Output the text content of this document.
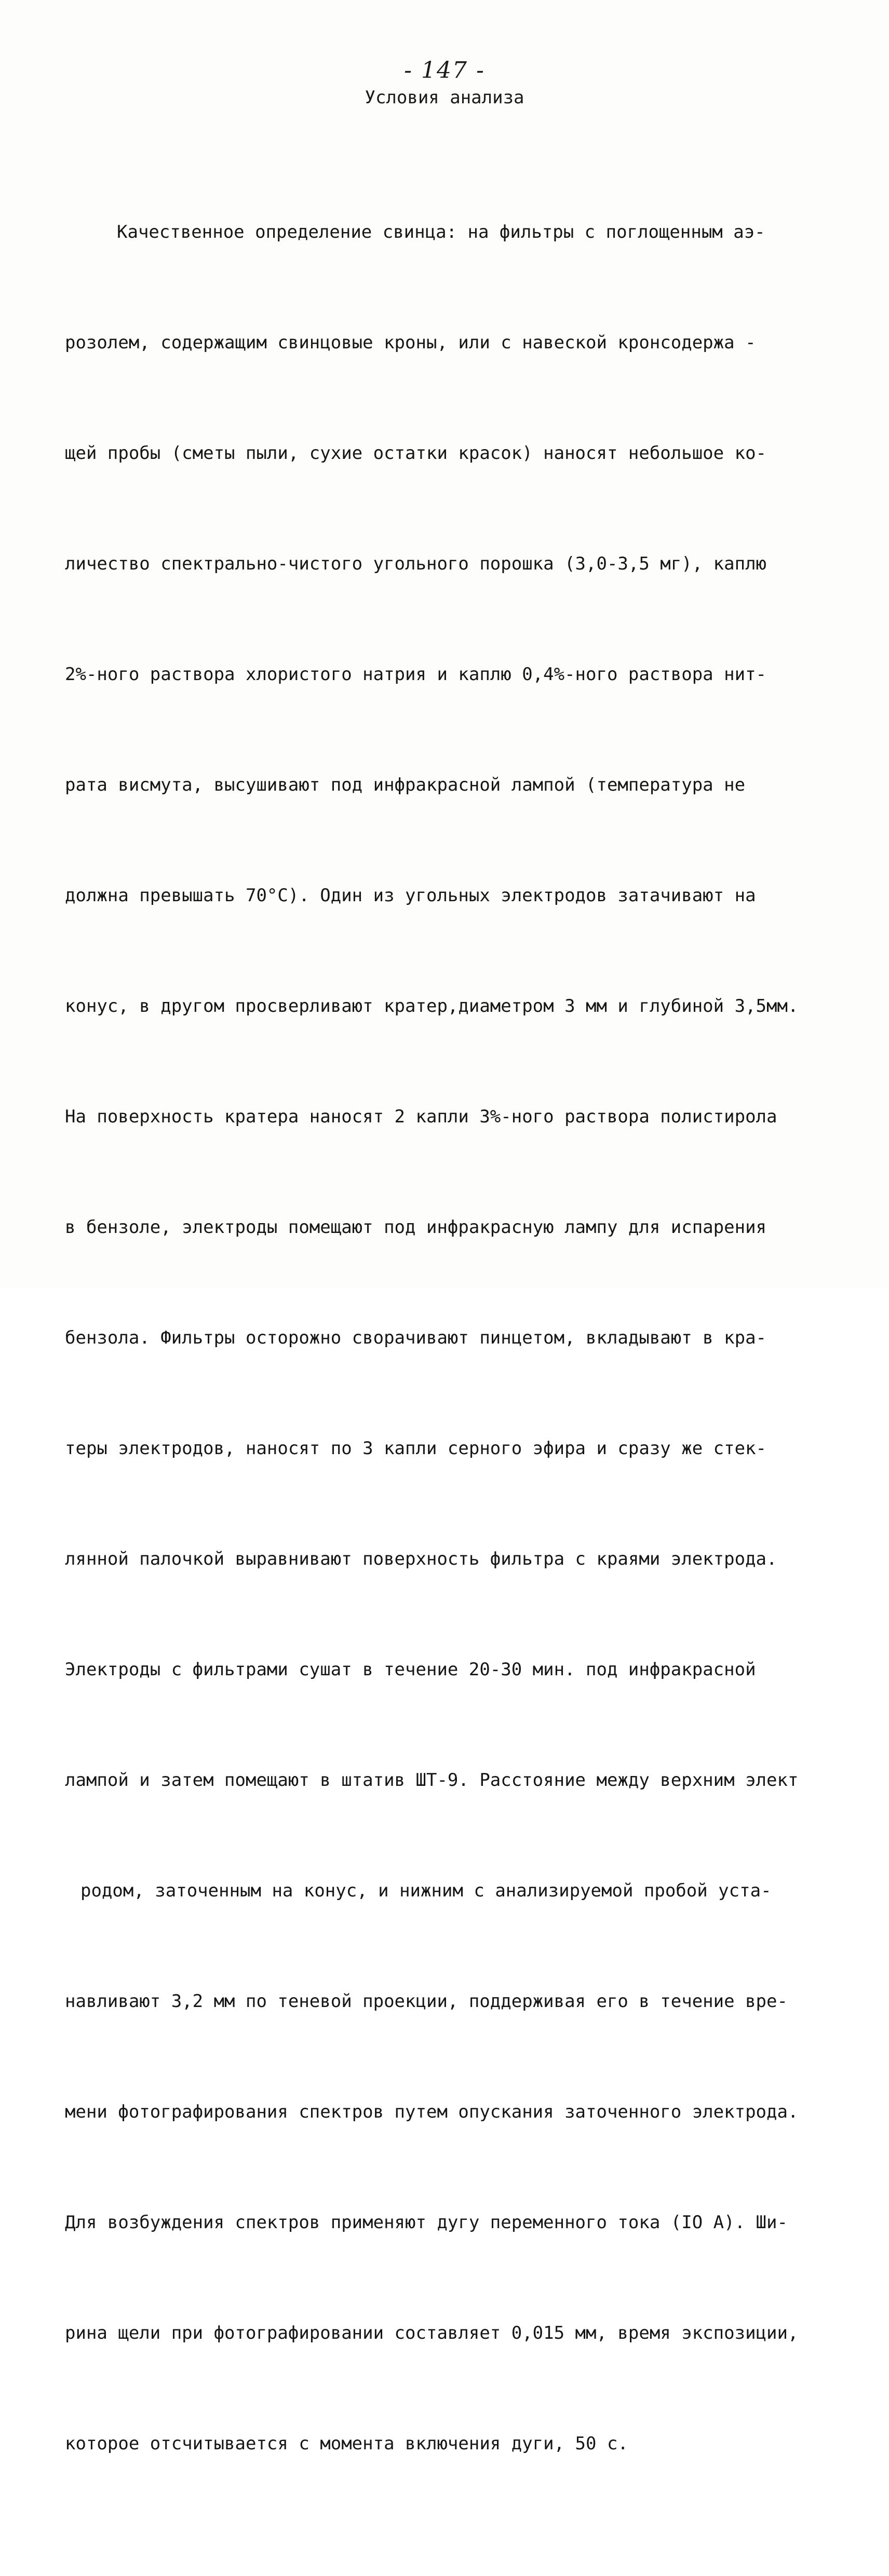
- 147 -
Условия анализа

Качественное определение свинца: на фильтры с поглощенным аэ-

розолем, содержащим свинцовые кроны, или с навеской кронсодержа -

щей пробы (сметы пыли, сухие остатки красок) наносят небольшое ко-

личество спектрально-чистого угольного порошка (3,0-3,5 мг), каплю

2%-ного раствора хлористого натрия и каплю 0,4%-ного раствора нит-

рата висмута, высушивают под инфракрасной лампой (температура не

должна превышать 70°С). Один из угольных электродов затачивают на

конус, в другом просверливают кратер,диаметром 3 мм и глубиной 3,5мм.

На поверхность кратера наносят 2 капли 3%-ного раствора полистирола

в бензоле, электроды помещают под инфракрасную лампу для испарения

бензола. Фильтры осторожно сворачивают пинцетом, вкладывают в кра-

теры электродов, наносят по 3 капли серного эфира и сразу же стек-

лянной палочкой выравнивают поверхность фильтра с краями электрода.

Электроды с фильтрами сушат в течение 20-30 мин. под инфракрасной

лампой и затем помещают в штатив ШТ-9. Расстояние между верхним элект

родом, заточенным на конус, и нижним с анализируемой пробой уста-

навливают 3,2 мм по теневой проекции, поддерживая его в течение вре-

мени фотографирования спектров путем опускания заточенного электрода.

Для возбуждения спектров применяют дугу переменного тока (IO А). Ши-

рина щели при фотографировании составляет 0,015 мм, время экспозиции,

которое отсчитывается с момента включения дуги, 50 с.
